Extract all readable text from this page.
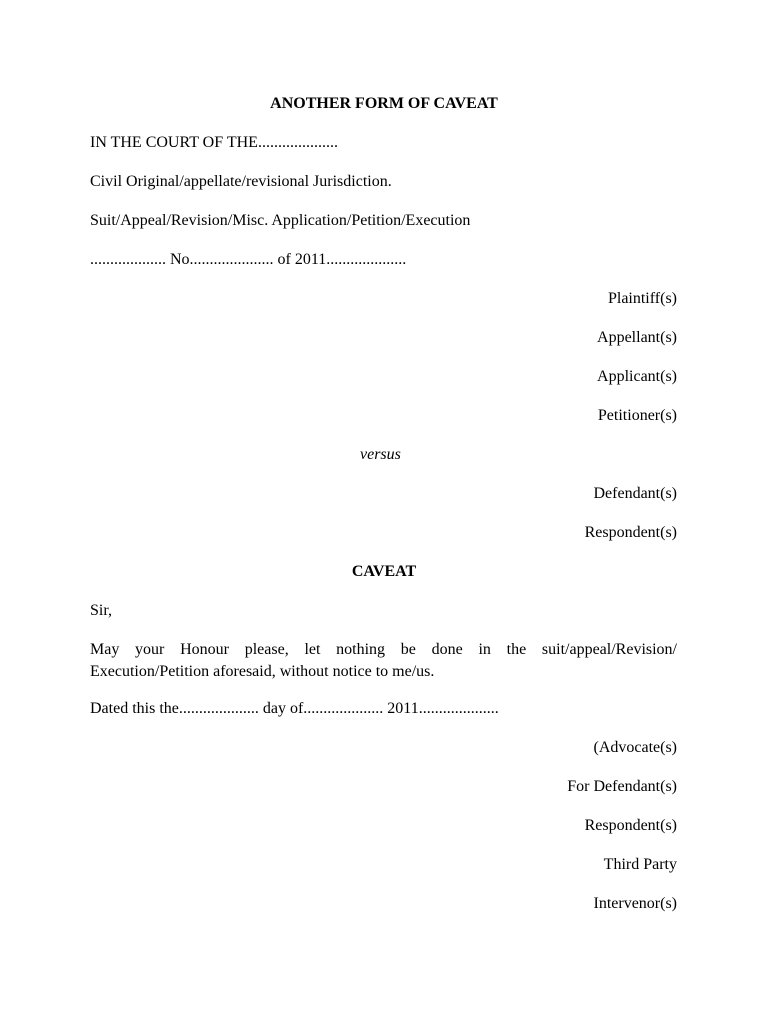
ANOTHER FORM OF CAVEAT
IN THE COURT OF THE....................
Civil Original/appellate/revisional Jurisdiction.
Suit/Appeal/Revision/Misc. Application/Petition/Execution
................... No..................... of 2011....................
Plaintiff(s)
Appellant(s)
Applicant(s)
Petitioner(s)
versus
Defendant(s)
Respondent(s)
CAVEAT
Sir,
May your Honour please, let nothing be done in the suit/appeal/Revision/ Execution/Petition aforesaid, without notice to me/us.
Dated this the.................... day of.................... 2011....................
(Advocate(s)
For Defendant(s)
Respondent(s)
Third Party
Intervenor(s)
